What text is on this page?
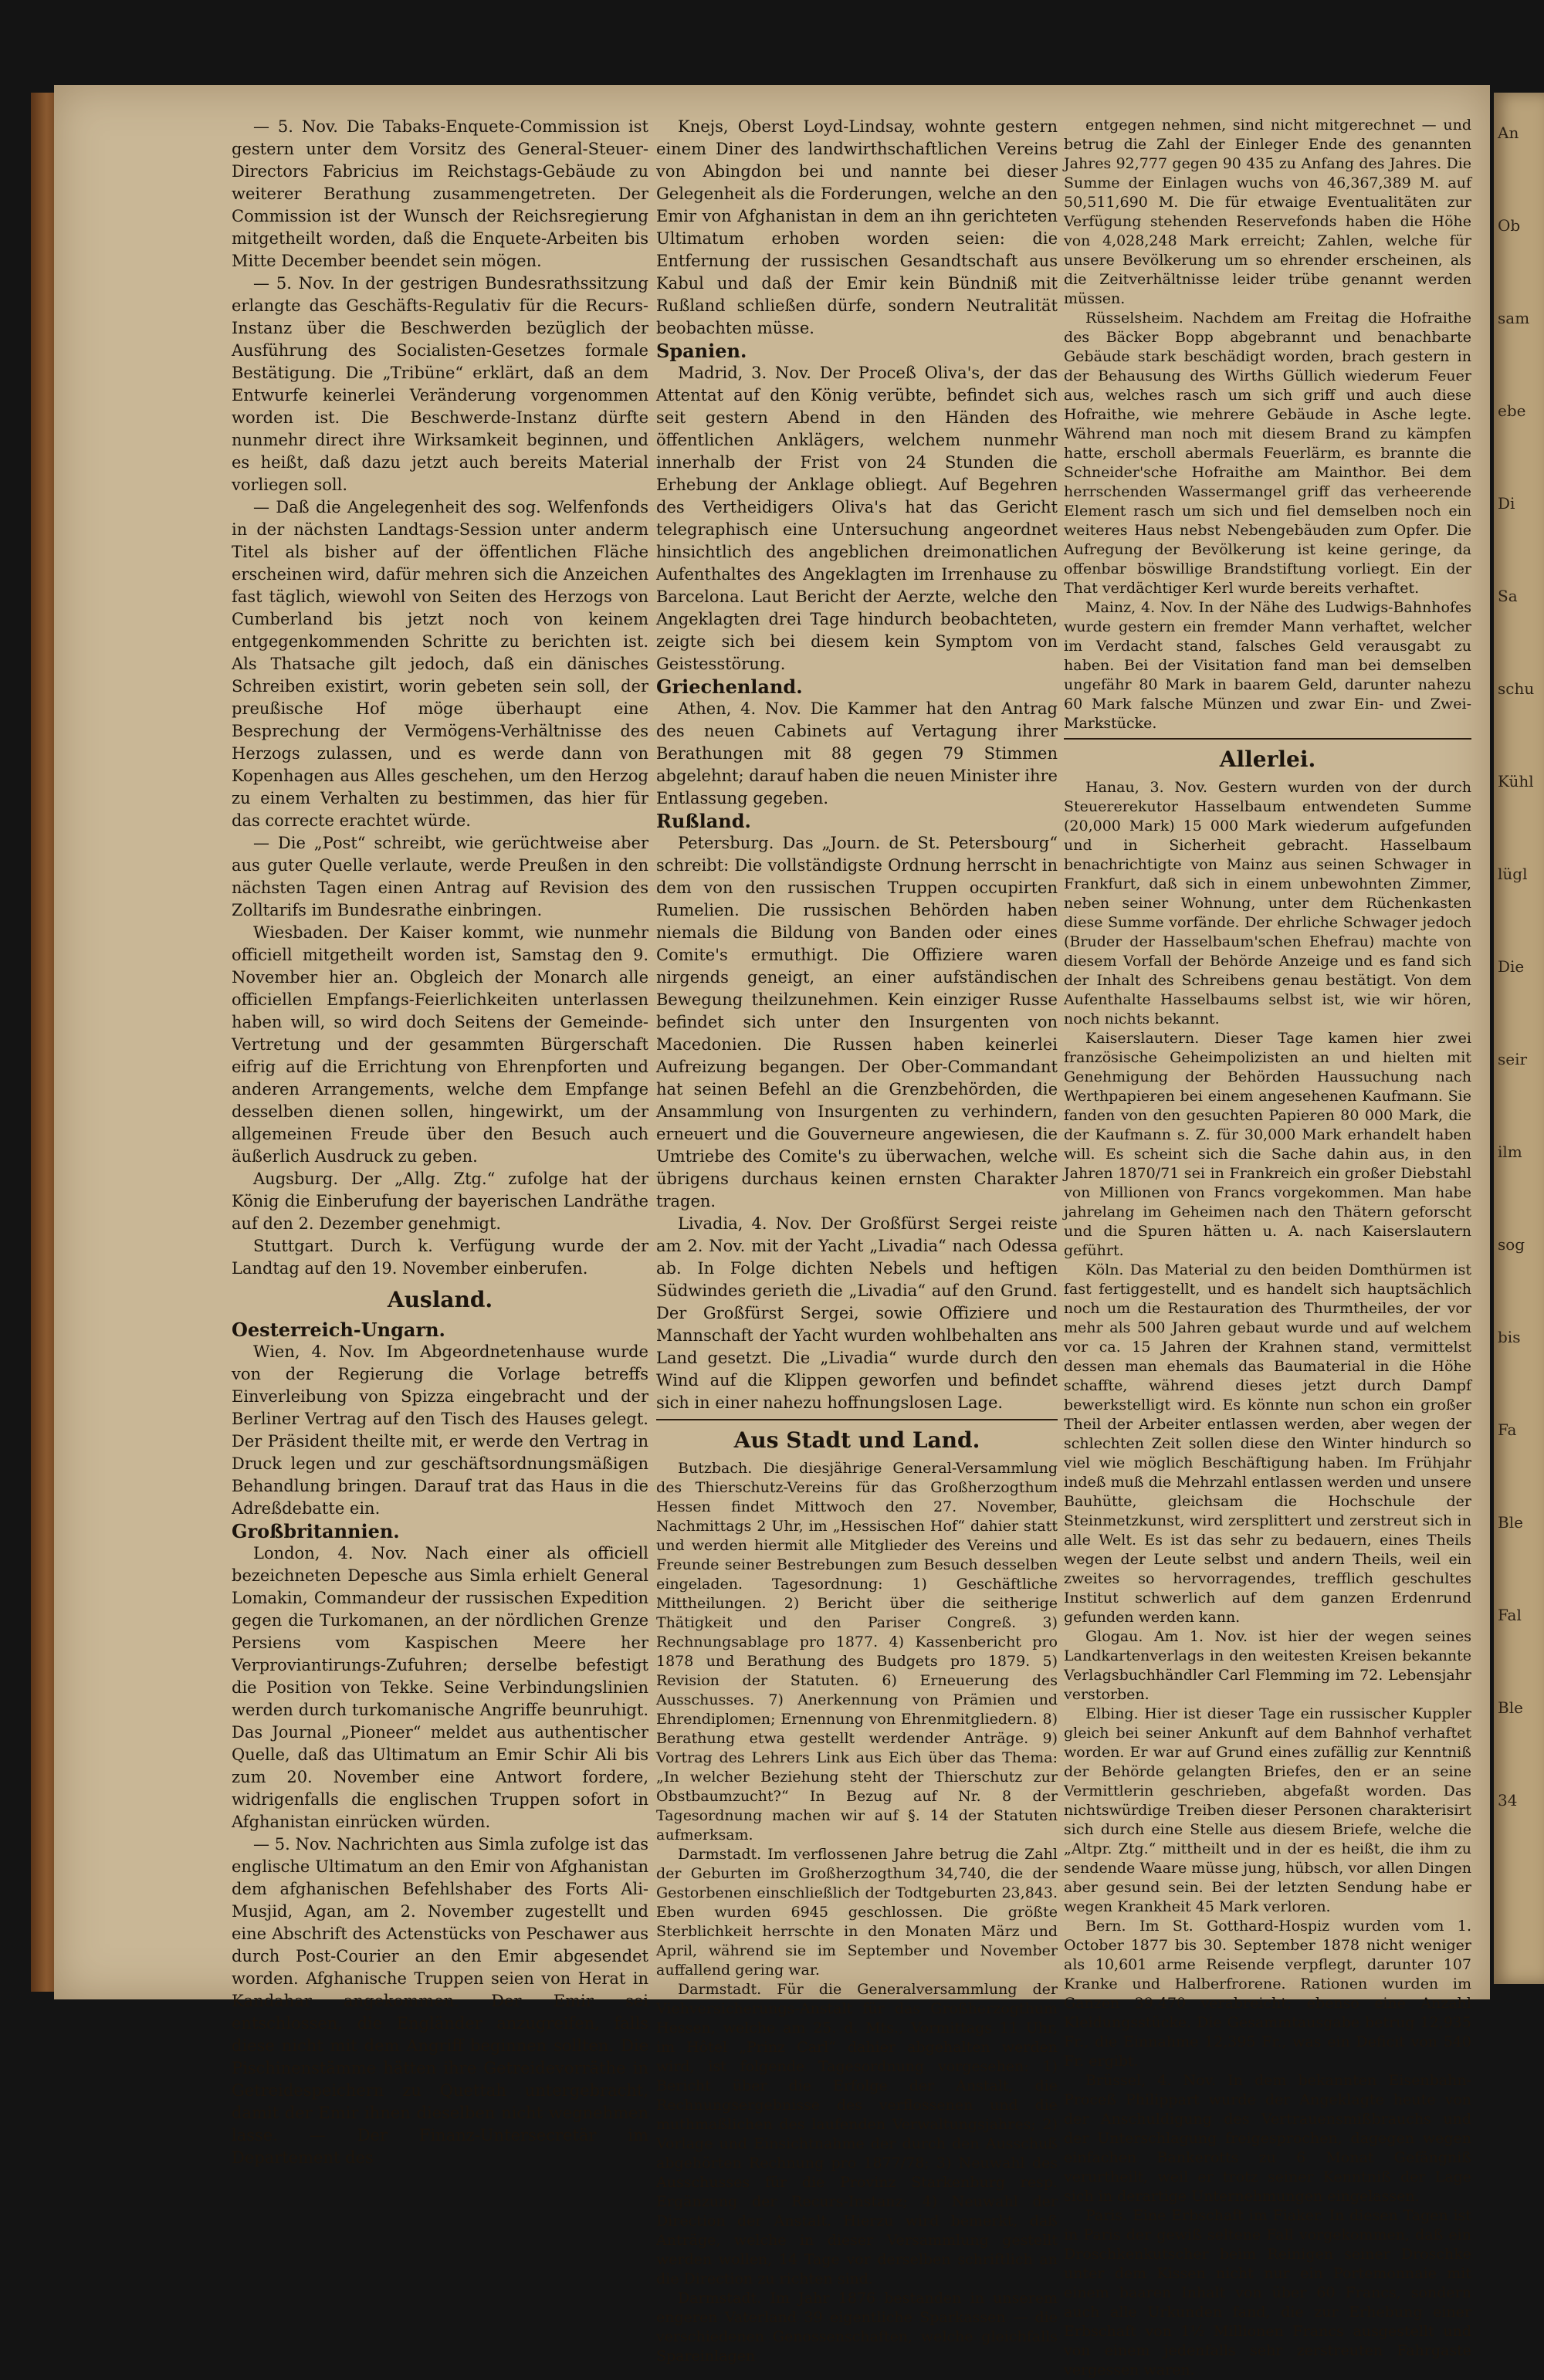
— 5. Nov. Die Tabaks-Enquete-Commission ist gestern unter dem Vorsitz des General-Steuer-Directors Fabricius im Reichstags-Gebäude zu weiterer Berathung zusammengetreten. Der Commission ist der Wunsch der Reichsregierung mitgetheilt worden, daß die Enquete-Arbeiten bis Mitte December beendet sein mögen.

— 5. Nov. In der gestrigen Bundesrathssitzung erlangte das Geschäfts-Regulativ für die Recurs-Instanz über die Beschwerden bezüglich der Ausführung des Socialisten-Gesetzes formale Bestätigung. Die „Tribüne“ erklärt, daß an dem Entwurfe keinerlei Veränderung vorgenommen worden ist. Die Beschwerde-Instanz dürfte nunmehr direct ihre Wirksamkeit beginnen, und es heißt, daß dazu jetzt auch bereits Material vorliegen soll.

— Daß die Angelegenheit des sog. Welfenfonds in der nächsten Landtags-Session unter anderm Titel als bisher auf der öffentlichen Fläche erscheinen wird, dafür mehren sich die Anzeichen fast täglich, wiewohl von Seiten des Herzogs von Cumberland bis jetzt noch von keinem entgegenkommenden Schritte zu berichten ist. Als Thatsache gilt jedoch, daß ein dänisches Schreiben existirt, worin gebeten sein soll, der preußische Hof möge überhaupt eine Besprechung der Vermögens-Verhältnisse des Herzogs zulassen, und es werde dann von Kopenhagen aus Alles geschehen, um den Herzog zu einem Verhalten zu bestimmen, das hier für das correcte erachtet würde.

— Die „Post“ schreibt, wie gerüchtweise aber aus guter Quelle verlaute, werde Preußen in den nächsten Tagen einen Antrag auf Revision des Zolltarifs im Bundesrathe einbringen.

Wiesbaden. Der Kaiser kommt, wie nunmehr officiell mitgetheilt worden ist, Samstag den 9. November hier an. Obgleich der Monarch alle officiellen Empfangs-Feierlichkeiten unterlassen haben will, so wird doch Seitens der Gemeinde-Vertretung und der gesammten Bürgerschaft eifrig auf die Errichtung von Ehrenpforten und anderen Arrangements, welche dem Empfange desselben dienen sollen, hingewirkt, um der allgemeinen Freude über den Besuch auch äußerlich Ausdruck zu geben.

Augsburg. Der „Allg. Ztg.“ zufolge hat der König die Einberufung der bayerischen Landräthe auf den 2. Dezember genehmigt.

Stuttgart. Durch k. Verfügung wurde der Landtag auf den 19. November einberufen.

Ausland.
Oesterreich-Ungarn.

Wien, 4. Nov. Im Abgeordnetenhause wurde von der Regierung die Vorlage betreffs Einverleibung von Spizza eingebracht und der Berliner Vertrag auf den Tisch des Hauses gelegt. Der Präsident theilte mit, er werde den Vertrag in Druck legen und zur geschäftsordnungsmäßigen Behandlung bringen. Darauf trat das Haus in die Adreßdebatte ein.

Großbritannien.

London, 4. Nov. Nach einer als officiell bezeichneten Depesche aus Simla erhielt General Lomakin, Commandeur der russischen Expedition gegen die Turkomanen, an der nördlichen Grenze Persiens vom Kaspischen Meere her Verproviantirungs-Zufuhren; derselbe befestigt die Position von Tekke. Seine Verbindungslinien werden durch turkomanische Angriffe beunruhigt. Das Journal „Pioneer“ meldet aus authentischer Quelle, daß das Ultimatum an Emir Schir Ali bis zum 20. November eine Antwort fordere, widrigenfalls die englischen Truppen sofort in Afghanistan einrücken würden.

— 5. Nov. Nachrichten aus Simla zufolge ist das englische Ultimatum an den Emir von Afghanistan dem afghanischen Befehlshaber des Forts Ali-Musjid, Agan, am 2. November zugestellt und eine Abschrift des Actenstücks von Peschawer aus durch Post-Courier an den Emir abgesendet worden. Afghanische Truppen seien von Herat in Kandahar angekommen. Der Emir sei entschlossen, die Engländer anzugreifen, falls diese nicht mit dem Angriff beginnen sollten. Die Pischinenstämme hätten ihre Getreidevorräthe in Getreidespeichern zu Quettah untergebracht, damit der Emir ihnen dieselben nicht wegnehmen lasse. — Der Finanz-Untersecretär im Departement des

Knejs, Oberst Loyd-Lindsay, wohnte gestern einem Diner des landwirthschaftlichen Vereins von Abingdon bei und nannte bei dieser Gelegenheit als die Forderungen, welche an den Emir von Afghanistan in dem an ihn gerichteten Ultimatum erhoben worden seien: die Entfernung der russischen Gesandtschaft aus Kabul und daß der Emir kein Bündniß mit Rußland schließen dürfe, sondern Neutralität beobachten müsse.

Spanien.

Madrid, 3. Nov. Der Proceß Oliva's, der das Attentat auf den König verübte, befindet sich seit gestern Abend in den Händen des öffentlichen Anklägers, welchem nunmehr innerhalb der Frist von 24 Stunden die Erhebung der Anklage obliegt. Auf Begehren des Vertheidigers Oliva's hat das Gericht telegraphisch eine Untersuchung angeordnet hinsichtlich des angeblichen dreimonatlichen Aufenthaltes des Angeklagten im Irrenhause zu Barcelona. Laut Bericht der Aerzte, welche den Angeklagten drei Tage hindurch beobachteten, zeigte sich bei diesem kein Symptom von Geistesstörung.

Griechenland.

Athen, 4. Nov. Die Kammer hat den Antrag des neuen Cabinets auf Vertagung ihrer Berathungen mit 88 gegen 79 Stimmen abgelehnt; darauf haben die neuen Minister ihre Entlassung gegeben.

Rußland.

Petersburg. Das „Journ. de St. Petersbourg“ schreibt: Die vollständigste Ordnung herrscht in dem von den russischen Truppen occupirten Rumelien. Die russischen Behörden haben niemals die Bildung von Banden oder eines Comite's ermuthigt. Die Offiziere waren nirgends geneigt, an einer aufständischen Bewegung theilzunehmen. Kein einziger Russe befindet sich unter den Insurgenten von Macedonien. Die Russen haben keinerlei Aufreizung begangen. Der Ober-Commandant hat seinen Befehl an die Grenzbehörden, die Ansammlung von Insurgenten zu verhindern, erneuert und die Gouverneure angewiesen, die Umtriebe des Comite's zu überwachen, welche übrigens durchaus keinen ernsten Charakter tragen.

Livadia, 4. Nov. Der Großfürst Sergei reiste am 2. Nov. mit der Yacht „Livadia“ nach Odessa ab. In Folge dichten Nebels und heftigen Südwindes gerieth die „Livadia“ auf den Grund. Der Großfürst Sergei, sowie Offiziere und Mannschaft der Yacht wurden wohlbehalten ans Land gesetzt. Die „Livadia“ wurde durch den Wind auf die Klippen geworfen und befindet sich in einer nahezu hoffnungslosen Lage.

Aus Stadt und Land.

Butzbach. Die diesjährige General-Versammlung des Thierschutz-Vereins für das Großherzogthum Hessen findet Mittwoch den 27. November, Nachmittags 2 Uhr, im „Hessischen Hof“ dahier statt und werden hiermit alle Mitglieder des Vereins und Freunde seiner Bestrebungen zum Besuch desselben eingeladen. Tagesordnung: 1) Geschäftliche Mittheilungen. 2) Bericht über die seitherige Thätigkeit und den Pariser Congreß. 3) Rechnungsablage pro 1877. 4) Kassenbericht pro 1878 und Berathung des Budgets pro 1879. 5) Revision der Statuten. 6) Erneuerung des Ausschusses. 7) Anerkennung von Prämien und Ehrendiplomen; Ernennung von Ehrenmitgliedern. 8) Berathung etwa gestellt werdender Anträge. 9) Vortrag des Lehrers Link aus Eich über das Thema: „In welcher Beziehung steht der Thierschutz zur Obstbaumzucht?“ In Bezug auf Nr. 8 der Tagesordnung machen wir auf §. 14 der Statuten aufmerksam.

Darmstadt. Im verflossenen Jahre betrug die Zahl der Geburten im Großherzogthum 34,740, die der Gestorbenen einschließlich der Todtgeburten 23,843. Eben wurden 6945 geschlossen. Die größte Sterblichkeit herrschte in den Monaten März und April, während sie im September und November auffallend gering war.

Darmstadt. Für die Generalversammlung der Viehversicherungs-Anstalt für das Großherzogthum Hessen, welche am 25. d. Mts., Vormittags 11 Uhr, im Hôtel „Prinz Carl“ dahier abgehalten werden wird, ist folgende Tagesordnung vorgesehen: 1) Bericht über die Erfolge der Anstalt, die Rechnungsergebnisse des verflossenen und die muthmaßlichen des laufenden Verwaltungsjahres; 2) Vorlage und Einsichtnahme der durch den Ausschuß abgehörten Rechnung pro 1877/78; 3) Neuwahl des Ausschusses für die Provinz Starkenburg resp. Ergänzung der Recurs-Instanz; 4) Neuwahl der Direction der Anstalt. Hierzu wird bemerkt, daß Anträge, welche in dieser Versammlung gestellt werden wollen, 14 Tage vor derselben schriftlich an die Direction zu richten sind.

Darmstadt. Im Jahr 1876 bestanden in unserem engeren Vaterland 39 eigentliche Sparkassen — die verschiedenen Genossenschaften, welche gleichfalls Spareinlagen

entgegen nehmen, sind nicht mitgerechnet — und betrug die Zahl der Einleger Ende des genannten Jahres 92,777 gegen 90 435 zu Anfang des Jahres. Die Summe der Einlagen wuchs von 46,367,389 M. auf 50,511,690 M. Die für etwaige Eventualitäten zur Verfügung stehenden Reservefonds haben die Höhe von 4,028,248 Mark erreicht; Zahlen, welche für unsere Bevölkerung um so ehrender erscheinen, als die Zeitverhältnisse leider trübe genannt werden müssen.

Rüsselsheim. Nachdem am Freitag die Hofraithe des Bäcker Bopp abgebrannt und benachbarte Gebäude stark beschädigt worden, brach gestern in der Behausung des Wirths Güllich wiederum Feuer aus, welches rasch um sich griff und auch diese Hofraithe, wie mehrere Gebäude in Asche legte. Während man noch mit diesem Brand zu kämpfen hatte, erscholl abermals Feuerlärm, es brannte die Schneider'sche Hofraithe am Mainthor. Bei dem herrschenden Wassermangel griff das verheerende Element rasch um sich und fiel demselben noch ein weiteres Haus nebst Nebengebäuden zum Opfer. Die Aufregung der Bevölkerung ist keine geringe, da offenbar böswillige Brandstiftung vorliegt. Ein der That verdächtiger Kerl wurde bereits verhaftet.

Mainz, 4. Nov. In der Nähe des Ludwigs-Bahnhofes wurde gestern ein fremder Mann verhaftet, welcher im Verdacht stand, falsches Geld verausgabt zu haben. Bei der Visitation fand man bei demselben ungefähr 80 Mark in baarem Geld, darunter nahezu 60 Mark falsche Münzen und zwar Ein- und Zwei-Markstücke.

Allerlei.

Hanau, 3. Nov. Gestern wurden von der durch Steuererekutor Hasselbaum entwendeten Summe (20,000 Mark) 15 000 Mark wiederum aufgefunden und in Sicherheit gebracht. Hasselbaum benachrichtigte von Mainz aus seinen Schwager in Frankfurt, daß sich in einem unbewohnten Zimmer, neben seiner Wohnung, unter dem Rüchenkasten diese Summe vorfände. Der ehrliche Schwager jedoch (Bruder der Hasselbaum'schen Ehefrau) machte von diesem Vorfall der Behörde Anzeige und es fand sich der Inhalt des Schreibens genau bestätigt. Von dem Aufenthalte Hasselbaums selbst ist, wie wir hören, noch nichts bekannt.

Kaiserslautern. Dieser Tage kamen hier zwei französische Geheimpolizisten an und hielten mit Genehmigung der Behörden Haussuchung nach Werthpapieren bei einem angesehenen Kaufmann. Sie fanden von den gesuchten Papieren 80 000 Mark, die der Kaufmann s. Z. für 30,000 Mark erhandelt haben will. Es scheint sich die Sache dahin aus, in den Jahren 1870/71 sei in Frankreich ein großer Diebstahl von Millionen von Francs vorgekommen. Man habe jahrelang im Geheimen nach den Thätern geforscht und die Spuren hätten u. A. nach Kaiserslautern geführt.

Köln. Das Material zu den beiden Domthürmen ist fast fertiggestellt, und es handelt sich hauptsächlich noch um die Restauration des Thurmtheiles, der vor mehr als 500 Jahren gebaut wurde und auf welchem vor ca. 15 Jahren der Krahnen stand, vermittelst dessen man ehemals das Baumaterial in die Höhe schaffte, während dieses jetzt durch Dampf bewerkstelligt wird. Es könnte nun schon ein großer Theil der Arbeiter entlassen werden, aber wegen der schlechten Zeit sollen diese den Winter hindurch so viel wie möglich Beschäftigung haben. Im Frühjahr indeß muß die Mehrzahl entlassen werden und unsere Bauhütte, gleichsam die Hochschule der Steinmetzkunst, wird zersplittert und zerstreut sich in alle Welt. Es ist das sehr zu bedauern, eines Theils wegen der Leute selbst und andern Theils, weil ein zweites so hervorragendes, trefflich geschultes Institut schwerlich auf dem ganzen Erdenrund gefunden werden kann.

Glogau. Am 1. Nov. ist hier der wegen seines Landkartenverlags in den weitesten Kreisen bekannte Verlagsbuchhändler Carl Flemming im 72. Lebensjahr verstorben.

Elbing. Hier ist dieser Tage ein russischer Kuppler gleich bei seiner Ankunft auf dem Bahnhof verhaftet worden. Er war auf Grund eines zufällig zur Kenntniß der Behörde gelangten Briefes, den er an seine Vermittlerin geschrieben, abgefaßt worden. Das nichtswürdige Treiben dieser Personen charakterisirt sich durch eine Stelle aus diesem Briefe, welche die „Altpr. Ztg.“ mittheilt und in der es heißt, die ihm zu sendende Waare müsse jung, hübsch, vor allen Dingen aber gesund sein. Bei der letzten Sendung habe er wegen Krankheit 45 Mark verloren.

Bern. Im St. Gotthard-Hospiz wurden vom 1. October 1877 bis 30. September 1878 nicht weniger als 10,601 arme Reisende verpflegt, darunter 107 Kranke und Halberfrorene. Rationen wurden im Ganzen 39,470 verabreicht; ebenso eine Anzahl Kleidungsstücke. Die Gesammtausgabe betrug 12,935 Fr., die Einnahme 12,395 Fr., was ein Deficit von 540 Fr. ergibt.

Brüssel, 4. Nov. In dem bekannten Eisenbahn-Proceß Philippart wurde der Angeklagte heute von der Anschuldigung des Vertrauensmißbrauchs und der Unterschlagung freigesprochen, dagegen wegen einfachen Bankerotts zu 6 Monat Gefängniß verurtheilt, weil er trotz seiner Kenntniß der Lage sich in derartige Unternehmungen eingelassen.

Paris. Eine Erbschaft im Fiaker. In diesen Tagen ist in Paris der gewiß seltene Fall vorgekommen, daß ein Droschkenkutscher beim Reinigen seiner Droschke unter dem Kissen nicht nur ein Portemonnaie mit einem baaren Inhalt von über 60 Francs, sondern auch alle Urkunden fand, die zur Erhebung einer Erbschaft von 1½ Millionen Francs ausgestellt und von einem jedenfalls sehr zerstreuten Fahrgaste vergessen waren.

An
Ob
sam
ebe
Di
Sa
schu
Kühl
lügl
Die
seir
ilm
sog
bis
Fa
Ble
Fal
Ble
34
